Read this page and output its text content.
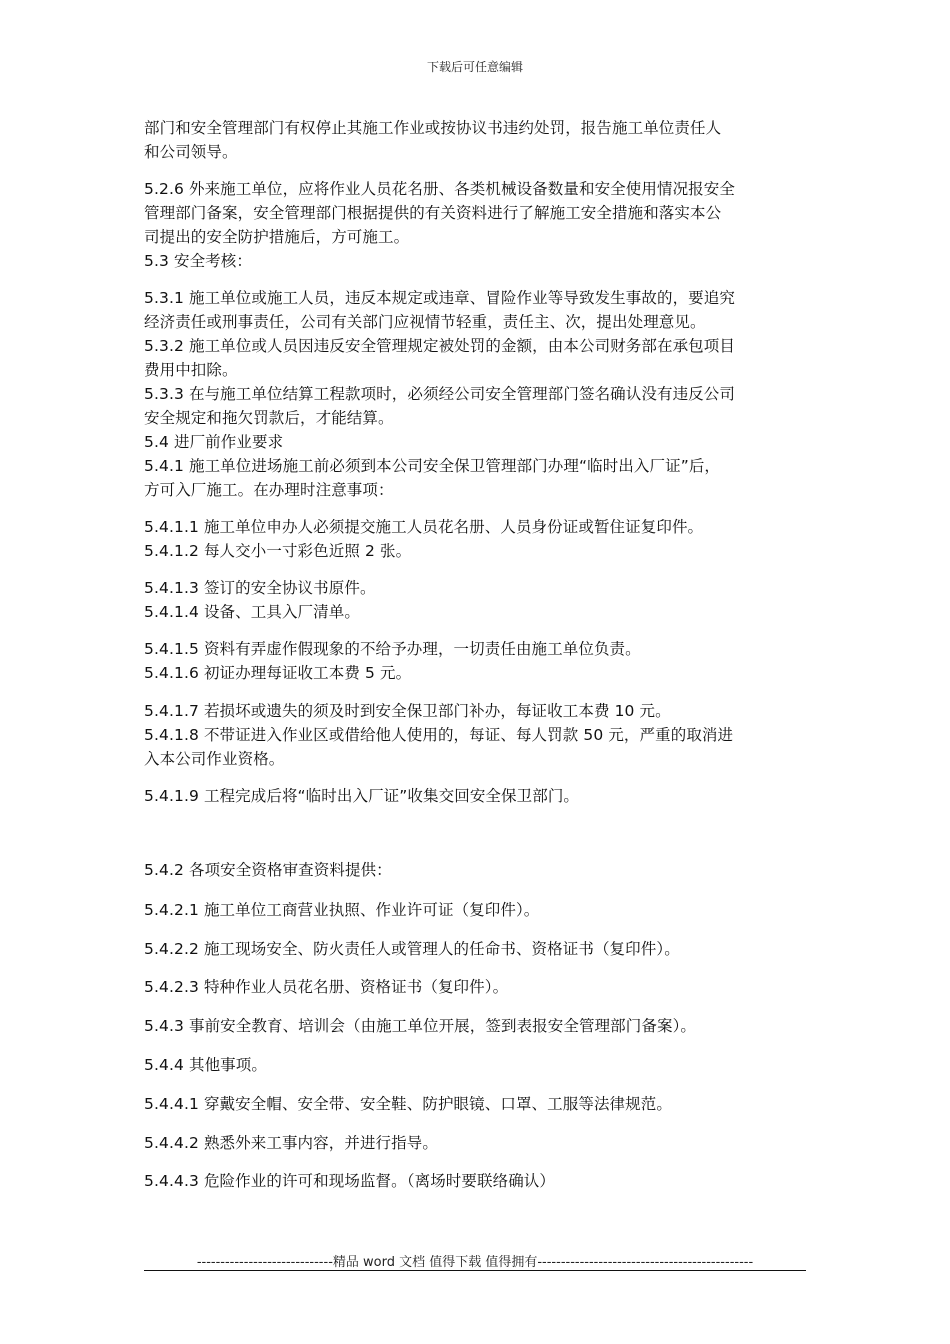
下载后可任意编辑
部门和安全管理部门有权停止其施工作业或按协议书违约处罚，报告施工单位责任人
和公司领导。
5.2.6 外来施工单位，应将作业人员花名册、各类机械设备数量和安全使用情况报安全
管理部门备案，安全管理部门根据提供的有关资料进行了解施工安全措施和落实本公
司提出的安全防护措施后，方可施工。
5.3 安全考核：
5.3.1 施工单位或施工人员，违反本规定或违章、冒险作业等导致发生事故的，要追究
经济责任或刑事责任，公司有关部门应视情节轻重，责任主、次，提出处理意见。
5.3.2 施工单位或人员因违反安全管理规定被处罚的金额，由本公司财务部在承包项目
费用中扣除。
5.3.3 在与施工单位结算工程款项时，必须经公司安全管理部门签名确认没有违反公司
安全规定和拖欠罚款后，才能结算。
5.4 进厂前作业要求
5.4.1 施工单位进场施工前必须到本公司安全保卫管理部门办理“临时出入厂证”后，
方可入厂施工。在办理时注意事项：
5.4.1.1 施工单位申办人必须提交施工人员花名册、人员身份证或暂住证复印件。
5.4.1.2 每人交小一寸彩色近照 2 张。
5.4.1.3 签订的安全协议书原件。
5.4.1.4 设备、工具入厂清单。
5.4.1.5 资料有弄虚作假现象的不给予办理，一切责任由施工单位负责。
5.4.1.6 初证办理每证收工本费 5 元。
5.4.1.7 若损坏或遗失的须及时到安全保卫部门补办，每证收工本费 10 元。
5.4.1.8 不带证进入作业区或借给他人使用的，每证、每人罚款 50 元，严重的取消进
入本公司作业资格。
5.4.1.9 工程完成后将“临时出入厂证”收集交回安全保卫部门。
5.4.2 各项安全资格审查资料提供：
5.4.2.1 施工单位工商营业执照、作业许可证（复印件）。
5.4.2.2 施工现场安全、防火责任人或管理人的任命书、资格证书（复印件）。
5.4.2.3 特种作业人员花名册、资格证书（复印件）。
5.4.3 事前安全教育、培训会（由施工单位开展，签到表报安全管理部门备案）。
5.4.4 其他事项。
5.4.4.1 穿戴安全帽、安全带、安全鞋、防护眼镜、口罩、工服等法律规范。
5.4.4.2 熟悉外来工事内容，并进行指导。
5.4.4.3 危险作业的许可和现场监督。（离场时要联络确认）
-----------------------------精品 word 文档 值得下载 值得拥有----------------------------------------------
